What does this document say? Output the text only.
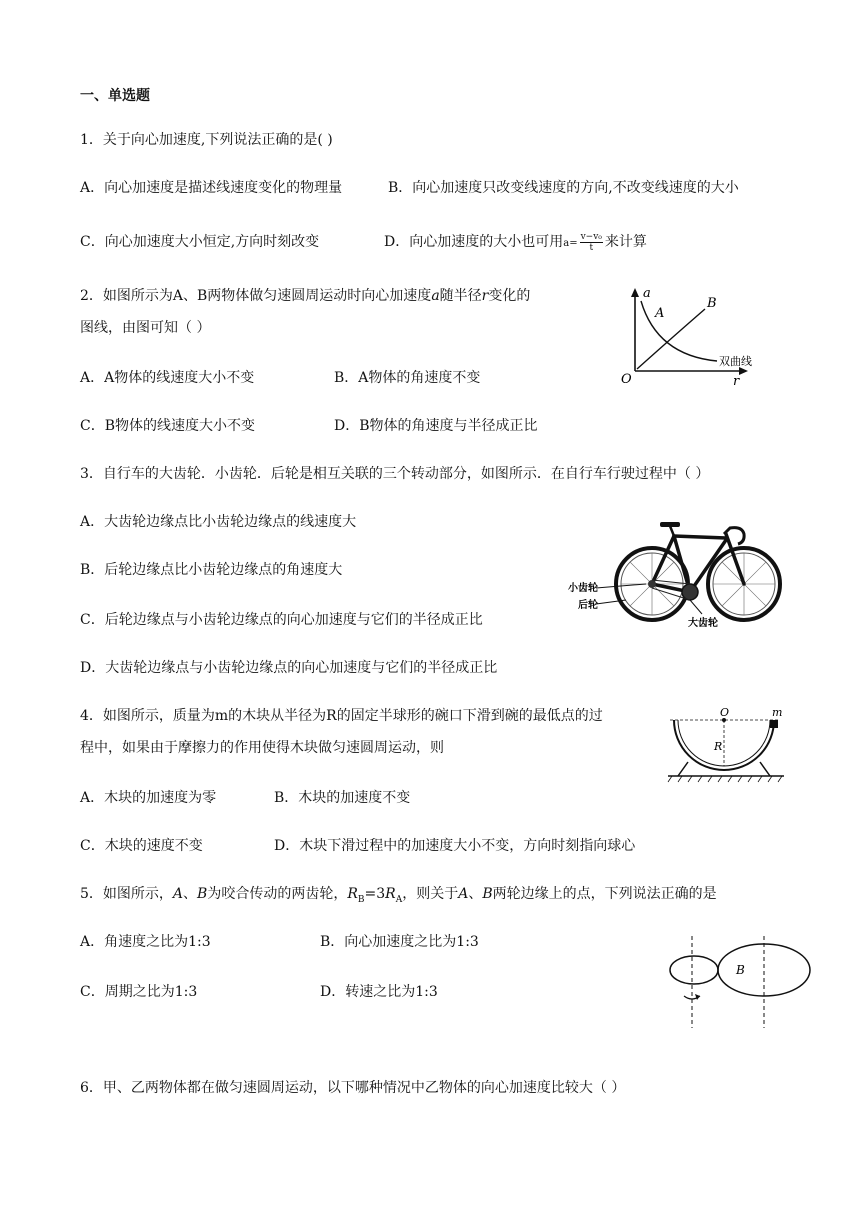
一、单选题
1．关于向心加速度,下列说法正确的是( )
A．向心加速度是描述线速度变化的物理量	B．向心加速度只改变线速度的方向,不改变线速度的大小
C．向心加速度大小恒定,方向时刻改变	D．向心加速度的大小也可用$a= \frac{\text{v−v₀}}{t}$ 来计算
2．如图所示为A、B两物体做匀速圆周运动时向心加速度a随半径r变化的
图线，由图可知（ ）
A．A物体的线速度大小不变	B．A物体的角速度不变
C．B物体的线速度大小不变	D．B物体的角速度与半径成正比
a
r
O
A
B
双曲线
3．自行车的大齿轮．小齿轮．后轮是相互关联的三个转动部分，如图所示．在自行车行驶过程中（ ）
A．大齿轮边缘点比小齿轮边缘点的线速度大
B．后轮边缘点比小齿轮边缘点的角速度大
C．后轮边缘点与小齿轮边缘点的向心加速度与它们的半径成正比
D．大齿轮边缘点与小齿轮边缘点的向心加速度与它们的半径成正比
小齿轮
后轮
大齿轮
4．如图所示，质量为m的木块从半径为R的固定半球形的碗口下滑到碗的最低点的过
程中，如果由于摩擦力的作用使得木块做匀速圆周运动，则
A．木块的加速度为零	B．木块的加速度不变
C．木块的速度不变	D．木块下滑过程中的加速度大小不变，方向时刻指向球心
O	m
R
5．如图所示，A、B为咬合传动的两齿轮，$R_B=3R_A$，则关于A、B两轮边缘上的点，下列说法正确的是
A．角速度之比为1:3	B．向心加速度之比为1:3
C．周期之比为1:3	D．转速之比为1:3
B
6．甲、乙两物体都在做匀速圆周运动，以下哪种情况中乙物体的向心加速度比较大（ ）
